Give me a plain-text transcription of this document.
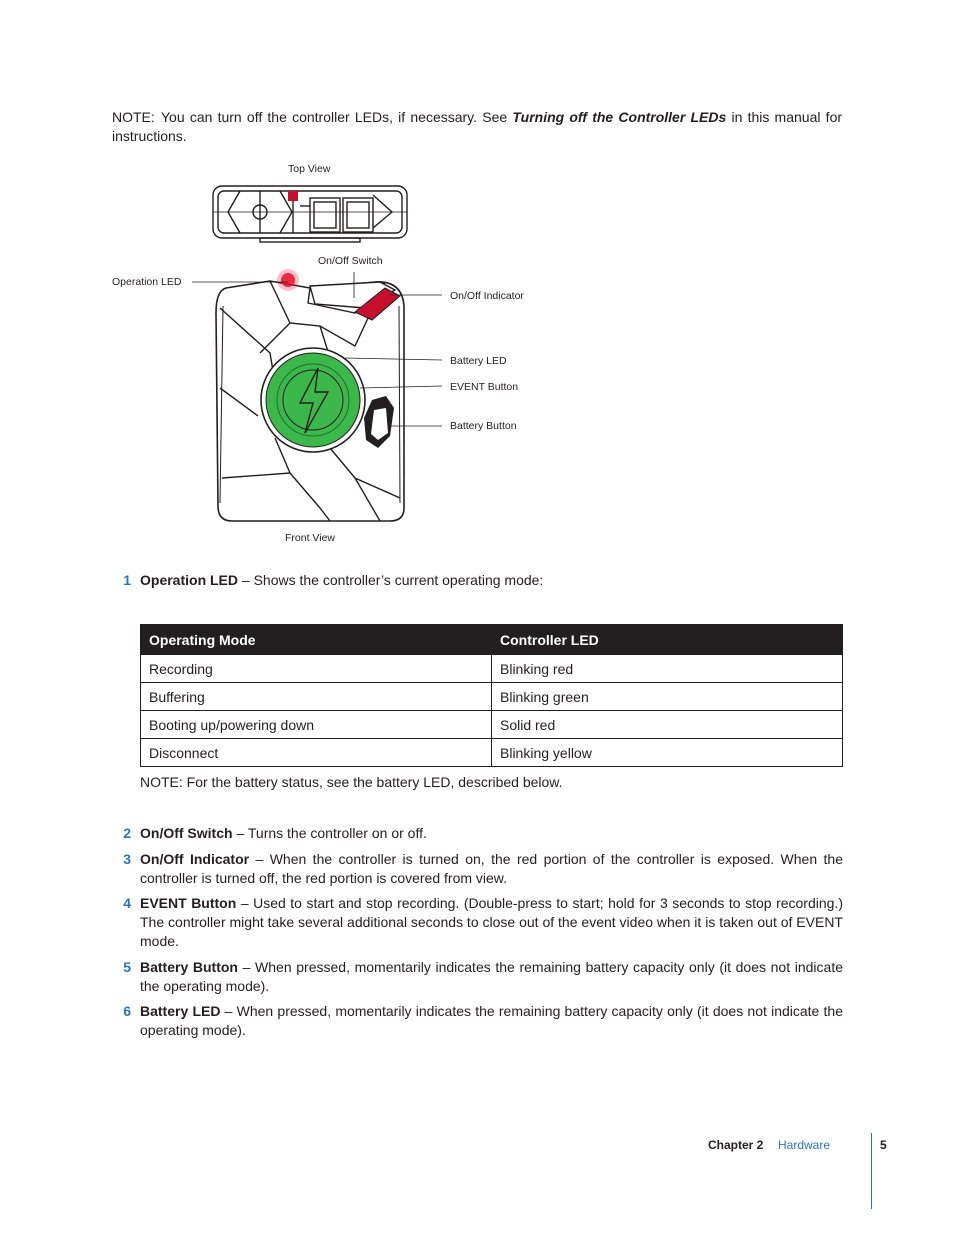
NOTE: You can turn off the controller LEDs, if necessary. See Turning off the Controller LEDs in this manual for instructions.
Top View
On/Off Switch
Operation LED
On/Off Indicator
Battery LED
EVENT Button
Battery Button
Front View
1 Operation LED – Shows the controller’s current operating mode:
Operating Mode	Controller LED
Recording	Blinking red
Buffering	Blinking green
Booting up/powering down	Solid red
Disconnect	Blinking yellow
NOTE: For the battery status, see the battery LED, described below.
2 On/Off Switch – Turns the controller on or off.
3 On/Off Indicator – When the controller is turned on, the red portion of the controller is exposed. When the controller is turned off, the red portion is covered from view.
4 EVENT Button – Used to start and stop recording. (Double-press to start; hold for 3 seconds to stop recording.) The controller might take several additional seconds to close out of the event video when it is taken out of EVENT mode.
5 Battery Button – When pressed, momentarily indicates the remaining battery capacity only (it does not indicate the operating mode).
6 Battery LED – When pressed, momentarily indicates the remaining battery capacity only (it does not indicate the operating mode).
Chapter 2 Hardware	5
